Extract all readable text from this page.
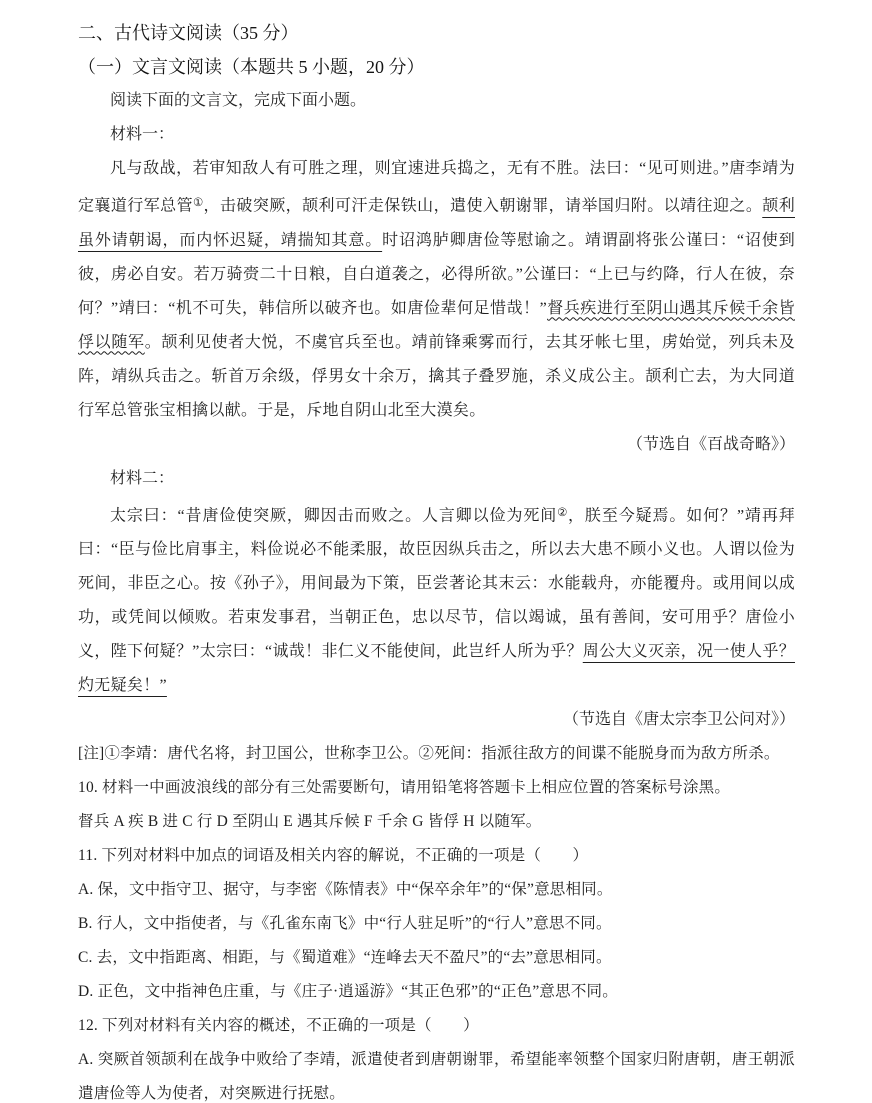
二、古代诗文阅读（35 分）
（一）文言文阅读（本题共 5 小题，20 分）

阅读下面的文言文，完成下面小题。

材料一：

凡与敌战，若审知敌人有可胜之理，则宜速进兵捣之，无有不胜。法曰：“见可则进。”唐李靖为定襄道行军总管①，击破突厥，颉利可汗走保铁山，遣使入朝谢罪，请举国归附。以靖往迎之。颉利虽外请朝谒，而内怀迟疑，靖揣知其意。时诏鸿胪卿唐俭等慰谕之。靖谓副将张公谨曰：“诏使到彼，虏必自安。若万骑赍二十日粮，自白道袭之，必得所欲。”公谨曰：“上已与约降，行人在彼，奈何？”靖曰：“机不可失，韩信所以破齐也。如唐俭辈何足惜哉！”督兵疾进行至阴山遇其斥候千余皆俘以随军。颉利见使者大悦，不虞官兵至也。靖前锋乘雾而行，去其牙帐七里，虏始觉，列兵未及阵，靖纵兵击之。斩首万余级，俘男女十余万，擒其子叠罗施，杀义成公主。颉利亡去，为大同道行军总管张宝相擒以献。于是，斥地自阴山北至大漠矣。

（节选自《百战奇略》）

材料二：

太宗曰：“昔唐俭使突厥，卿因击而败之。人言卿以俭为死间②，朕至今疑焉。如何？”靖再拜曰：“臣与俭比肩事主，料俭说必不能柔服，故臣因纵兵击之，所以去大患不顾小义也。人谓以俭为死间，非臣之心。按《孙子》，用间最为下策，臣尝著论其末云：水能载舟，亦能覆舟。或用间以成功，或凭间以倾败。若束发事君，当朝正色，忠以尽节，信以竭诚，虽有善间，安可用乎？唐俭小义，陛下何疑？”太宗曰：“诚哉！非仁义不能使间，此岂纤人所为乎？周公大义灭亲，况一使人乎？灼无疑矣！”

（节选自《唐太宗李卫公问对》）

[注]①李靖：唐代名将，封卫国公，世称李卫公。②死间：指派往敌方的间谍不能脱身而为敌方所杀。

10. 材料一中画波浪线的部分有三处需要断句，请用铅笔将答题卡上相应位置的答案标号涂黑。

督兵 A 疾 B 进 C 行 D 至阴山 E 遇其斥候 F 千余 G 皆俘 H 以随军。

11. 下列对材料中加点的词语及相关内容的解说，不正确的一项是（　　）

A. 保，文中指守卫、据守，与李密《陈情表》中“保卒余年”的“保”意思相同。

B. 行人，文中指使者，与《孔雀东南飞》中“行人驻足听”的“行人”意思不同。

C. 去，文中指距离、相距，与《蜀道难》“连峰去天不盈尺”的“去”意思相同。

D. 正色，文中指神色庄重，与《庄子·逍遥游》“其正色邪”的“正色”意思不同。

12. 下列对材料有关内容的概述，不正确的一项是（　　）

A. 突厥首领颉利在战争中败给了李靖，派遣使者到唐朝谢罪，希望能率领整个国家归附唐朝，唐王朝派遣唐俭等人为使者，对突厥进行抚慰。
